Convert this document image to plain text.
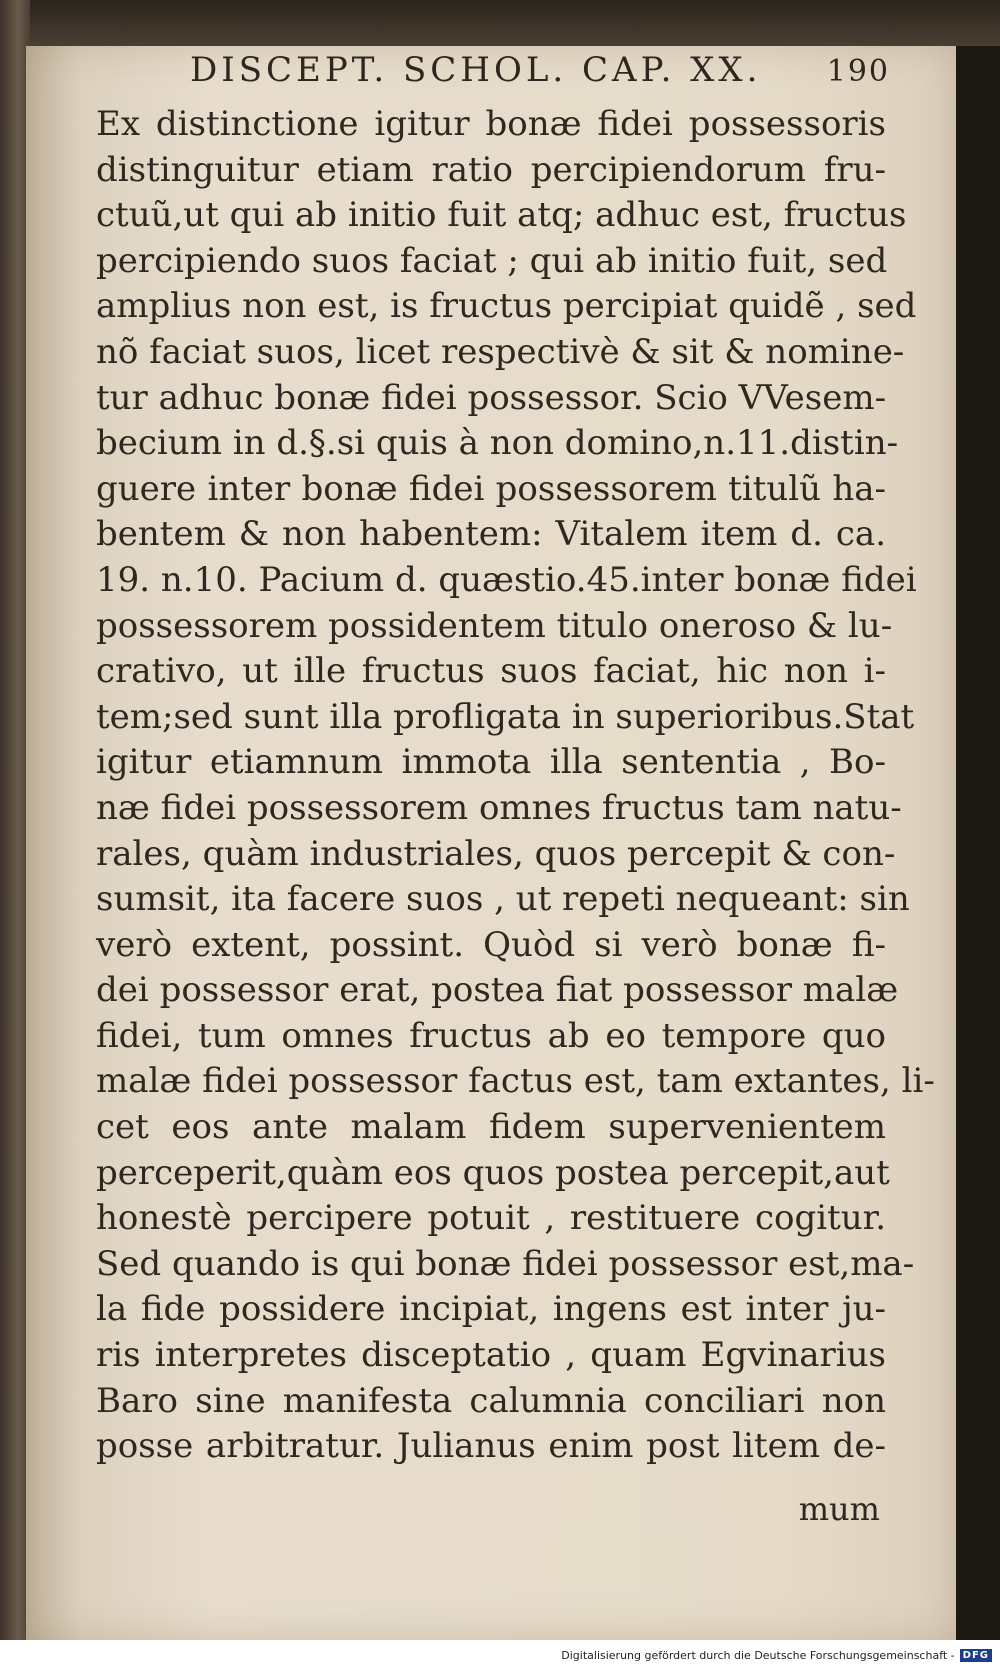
DISCEPT. SCHOL. CAP. XX. 190
Ex distinctione igitur bonæ fidei possessoris
distinguitur etiam ratio percipiendorum fru-
ctuũ,ut qui ab initio fuit atq; adhuc est, fructus
percipiendo suos faciat ; qui ab initio fuit, sed
amplius non est, is fructus percipiat quidẽ , sed
nõ faciat suos, licet respectivè & sit & nomine-
tur adhuc bonæ fidei possessor. Scio VVesem-
becium in d.§.si quis à non domino,n.11.distin-
guere inter bonæ fidei possessorem titulũ ha-
bentem & non habentem: Vitalem item d. ca.
19. n.10. Pacium d. quæstio.45.inter bonæ fidei
possessorem possidentem titulo oneroso & lu-
crativo, ut ille fructus suos faciat, hic non i-
tem;sed sunt illa profligata in superioribus.Stat
igitur etiamnum immota illa sententia , Bo-
næ fidei possessorem omnes fructus tam natu-
rales, quàm industriales, quos percepit & con-
sumsit, ita facere suos , ut repeti nequeant: sin
verò extent, possint. Quòd si verò bonæ fi-
dei possessor erat, postea fiat possessor malæ
fidei, tum omnes fructus ab eo tempore quo
malæ fidei possessor factus est, tam extantes, li-
cet eos ante malam fidem supervenientem
perceperit,quàm eos quos postea percepit,aut
honestè percipere potuit , restituere cogitur.
Sed quando is qui bonæ fidei possessor est,ma-
la fide possidere incipiat, ingens est inter ju-
ris interpretes disceptatio , quam Egvinarius
Baro sine manifesta calumnia conciliari non
posse arbitratur. Julianus enim post litem de-
mum
Digitalisierung gefördert durch die Deutsche Forschungsgemeinschaft - DFG
